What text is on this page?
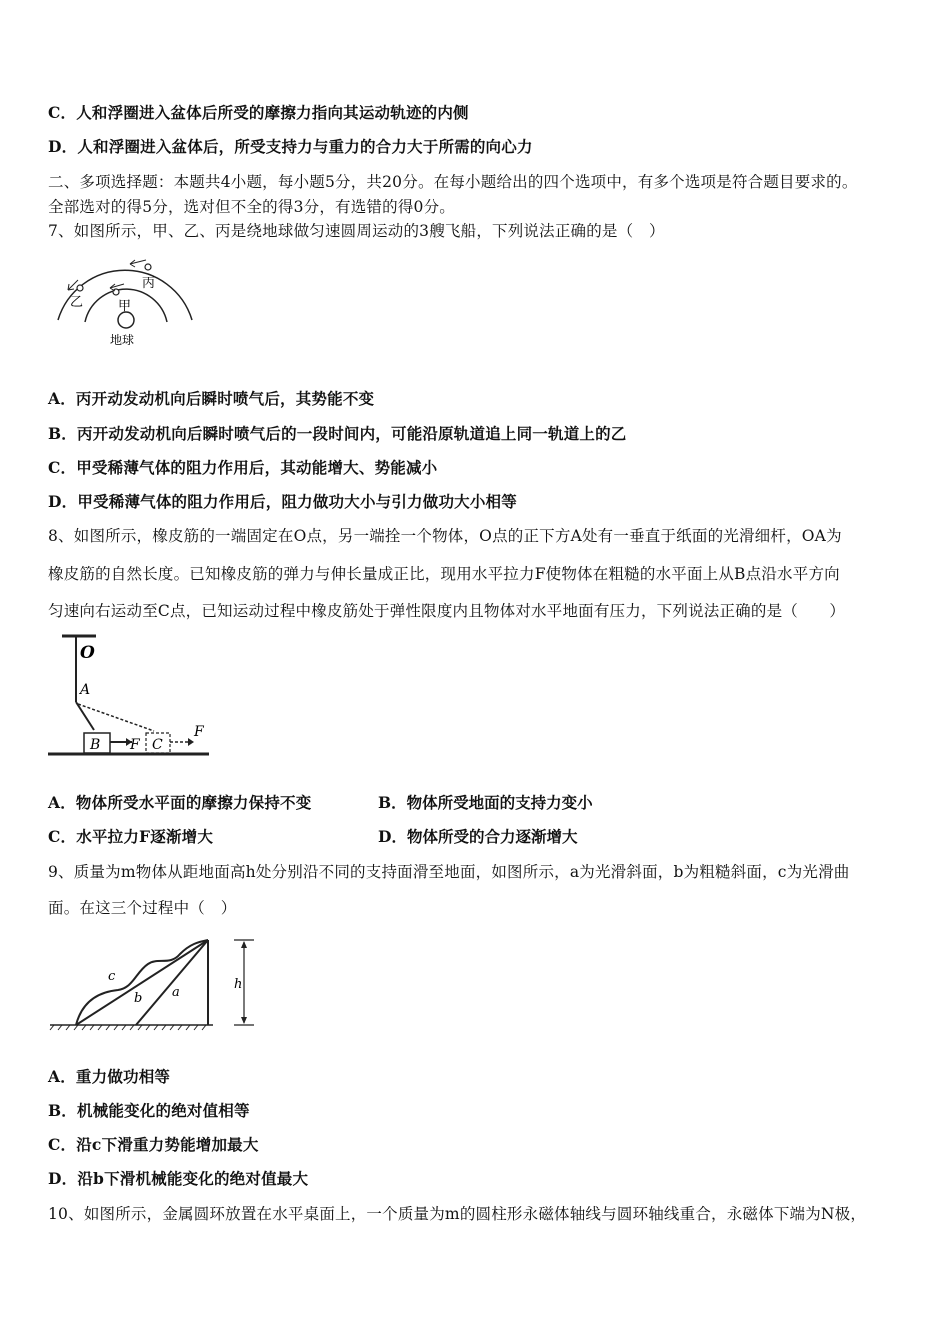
C．人和浮圈进入盆体后所受的摩擦力指向其运动轨迹的内侧
D．人和浮圈进入盆体后，所受支持力与重力的合力大于所需的向心力
二、多项选择题：本题共4小题，每小题5分，共20分。在每小题给出的四个选项中，有多个选项是符合题目要求的。
全部选对的得5分，选对但不全的得3分，有选错的得0分。
7、如图所示，甲、乙、丙是绕地球做匀速圆周运动的3艘飞船，下列说法正确的是（　）
丙
乙	甲
地球
A．丙开动发动机向后瞬时喷气后，其势能不变
B．丙开动发动机向后瞬时喷气后的一段时间内，可能沿原轨道追上同一轨道上的乙
C．甲受稀薄气体的阻力作用后，其动能增大、势能减小
D．甲受稀薄气体的阻力作用后，阻力做功大小与引力做功大小相等
8、如图所示，橡皮筋的一端固定在O点，另一端拴一个物体，O点的正下方A处有一垂直于纸面的光滑细杆，OA为
橡皮筋的自然长度。已知橡皮筋的弹力与伸长量成正比，现用水平拉力F使物体在粗糙的水平面上从B点沿水平方向
匀速向右运动至C点，已知运动过程中橡皮筋处于弹性限度内且物体对水平地面有压力，下列说法正确的是（　　）
O
A
B F C
F
A．物体所受水平面的摩擦力保持不变	B．物体所受地面的支持力变小
C．水平拉力F逐渐增大	D．物体所受的合力逐渐增大
9、质量为m物体从距地面高h处分别沿不同的支持面滑至地面，如图所示，a为光滑斜面，b为粗糙斜面，c为光滑曲
面。在这三个过程中（　）
c
b a
h
A．重力做功相等
B．机械能变化的绝对值相等
C．沿c下滑重力势能增加最大
D．沿b下滑机械能变化的绝对值最大
10、如图所示，金属圆环放置在水平桌面上，一个质量为m的圆柱形永磁体轴线与圆环轴线重合，永磁体下端为N极，
